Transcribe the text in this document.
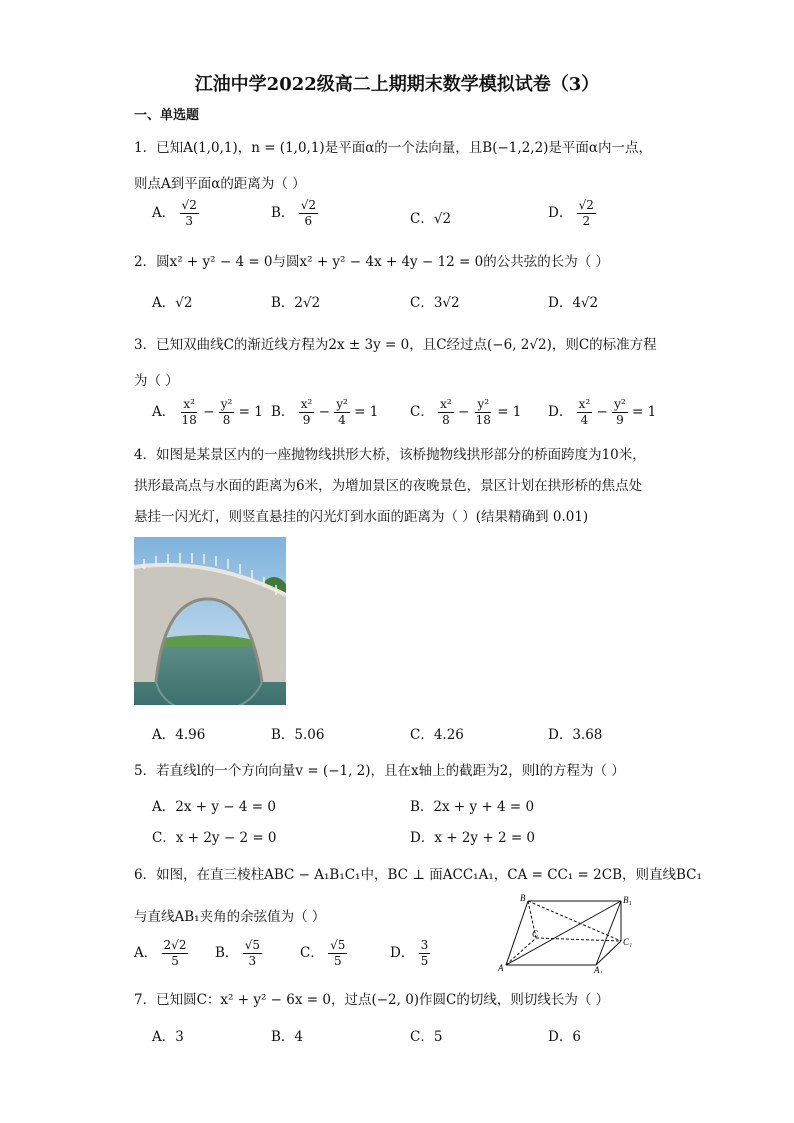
江油中学2022级高二上期期末数学模拟试卷（3）
一、单选题
1．已知A(1,0,1)，n = (1,0,1)是平面α的一个法向量，且B(−1,2,2)是平面α内一点，
则点A到平面α的距离为（ ）
A． $\frac{√2}{3}$	B． $\frac{√2}{6}$	C．√2	D． $\frac{√2}{2}$
2．圆x² + y² − 4 = 0与圆x² + y² − 4x + 4y − 12 = 0的公共弦的长为（ ）
A．√2	B．2√2	C．3√2	D．4√2
3．已知双曲线C的渐近线方程为2x ± 3y = 0，且C经过点(−6, 2√2)，则C的标准方程
为（ ）
A． $\frac{\text{x²}}{18} - \frac{\text{y²}}{8} = 1$ B． $\frac{\text{x²}}{9} - \frac{\text{y²}}{4} = 1$ C． $\frac{\text{x²}}{8} - \frac{\text{y²}}{18} = 1$ D． $\frac{\text{x²}}{4} - \frac{\text{y²}}{9} = 1$
4．如图是某景区内的一座抛物线拱形大桥，该桥抛物线拱形部分的桥面跨度为10米，
拱形最高点与水面的距离为6米，为增加景区的夜晚景色，景区计划在拱形桥的焦点处
悬挂一闪光灯，则竖直悬挂的闪光灯到水面的距离为（ ）(结果精确到 0.01)
A．4.96	B．5.06	C．4.26	D．3.68
5．若直线l的一个方向向量v = (−1, 2)，且在x轴上的截距为2，则l的方程为（ ）
A．2x + y − 4 = 0	B．2x + y + 4 = 0
C．x + 2y − 2 = 0	D．x + 2y + 2 = 0
6．如图，在直三棱柱ABC − A₁B₁C₁中，BC ⊥ 面ACC₁A₁，CA = CC₁ = 2CB，则直线BC₁
与直线AB₁夹角的余弦值为（ ）
A． $\frac{2√2}{5}$ B． $\frac{√5}{3}$	C． $\frac{√5}{5}$	D． $\frac{3}{5}$
B	B₁
C
C₁
A	A₁
7．已知圆C：x² + y² − 6x = 0，过点(−2, 0)作圆C的切线，则切线长为（ ）
A．3	B．4	C．5	D．6
